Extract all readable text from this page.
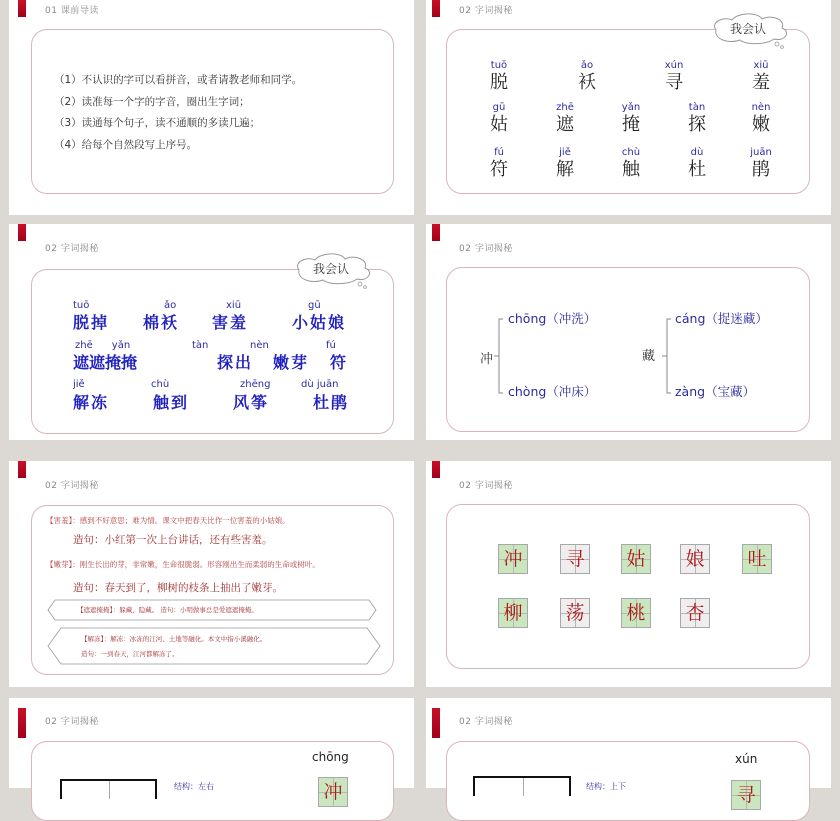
01 课前导读
（1）不认识的字可以看拼音，或者请教老师和同学。
（2）读准每一个字的字音，圈出生字词；
（3）读通每个句子，读不通顺的多读几遍；
（4）给每个自然段写上序号。
02 字词揭秘
我会认
tuō
脱
ǎo
袄
xún
寻
xiū
羞
gū
姑
zhē
遮
yǎn
掩
tàn
探
nèn
嫩
fú
符
jiě
解
chù
触
dù
杜
juān
鹃
02 字词揭秘
我会认
tuō
脱掉
ǎo
棉袄
xiū
害羞
gū
小姑娘
zhē      yǎn
遮遮掩掩
tàn
探出
nèn
嫩芽
fú
符
jiě
解冻
chù
触到
zhēng
风筝
dù juān
杜鹃
02 字词揭秘
冲
chōng（冲洗）
chòng（冲床）
藏
cáng（捉迷藏）
zàng（宝藏）
02 字词揭秘
【害羞】：感到不好意思；难为情。课文中把春天比作一位害羞的小姑娘。
造句：小红第一次上台讲话，还有些害羞。
【嫩芽】：刚生长出的芽，非常嫩，生命很脆弱。形容刚出生而柔弱的生命或树叶。
造句：春天到了，柳树的枝条上抽出了嫩芽。
【遮遮掩掩】：躲藏，隐藏。 造句：小明做事总是爱遮遮掩掩。
【解冻】：解冻：冰冻的江河、土地等融化。本文中指小溪融化。
造句：一到春天，江河都解冻了。
02 字词揭秘
冲 寻 姑 娘 吐
柳 荡 桃 杏
02 字词揭秘
chōng
结构：左右	冲
02 字词揭秘
xún
结构：上下	寻
